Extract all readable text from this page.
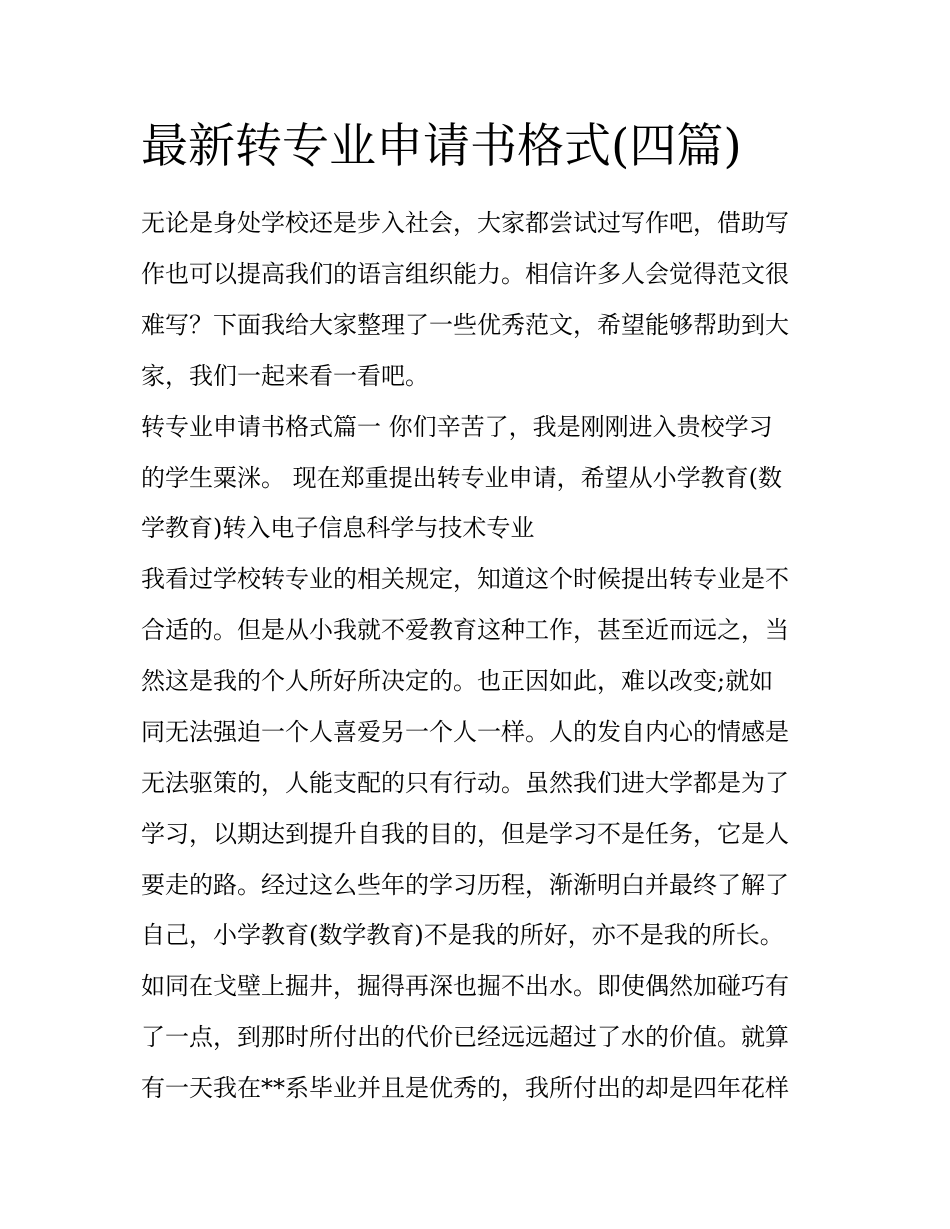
最新转专业申请书格式(四篇)

无论是身处学校还是步入社会，大家都尝试过写作吧，借助写

作也可以提高我们的语言组织能力。相信许多人会觉得范文很

难写？下面我给大家整理了一些优秀范文，希望能够帮助到大

家，我们一起来看一看吧。

转专业申请书格式篇一 你们辛苦了，我是刚刚进入贵校学习

的学生粟洣。 现在郑重提出转专业申请，希望从小学教育(数

学教育)转入电子信息科学与技术专业

我看过学校转专业的相关规定，知道这个时候提出转专业是不

合适的。但是从小我就不爱教育这种工作，甚至近而远之，当

然这是我的个人所好所决定的。也正因如此，难以改变;就如

同无法强迫一个人喜爱另一个人一样。人的发自内心的情感是

无法驱策的，人能支配的只有行动。虽然我们进大学都是为了

学习，以期达到提升自我的目的，但是学习不是任务，它是人

要走的路。经过这么些年的学习历程，渐渐明白并最终了解了

自己，小学教育(数学教育)不是我的所好，亦不是我的所长。

如同在戈壁上掘井，掘得再深也掘不出水。即使偶然加碰巧有

了一点，到那时所付出的代价已经远远超过了水的价值。就算

有一天我在**系毕业并且是优秀的，我所付出的却是四年花样
